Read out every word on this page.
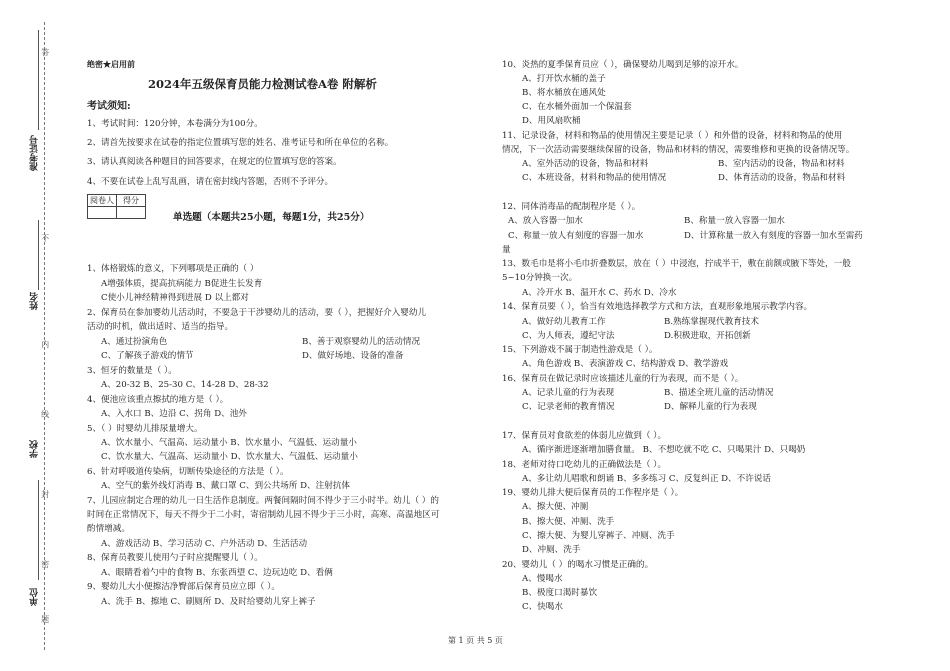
准考证号
姓名
学校
单位
答
不
内
线
封
密
题
绝密★启用前
2024年五级保育员能力检测试卷A卷 附解析
考试须知:
1、考试时间：120分钟，本卷满分为100分。
2、请首先按要求在试卷的指定位置填写您的姓名、准考证号和所在单位的名称。
3、请认真阅读各种题目的回答要求，在规定的位置填写您的答案。
4、不要在试卷上乱写乱画，请在密封线内答题，否则不予评分。
阅卷人	得分

单选题（本题共25小题，每题1分，共25分）
1、体格锻炼的意义，下列哪项是正确的（ ）
A增强体质，提高抗病能力 B促进生长发育
C使小儿神经精神得到进展 D 以上都对
2、保育员在参加婴幼儿活动时，不要急于干涉婴幼儿的活动，要（ ），把握好介入婴幼儿
活动的时机，做出适时、适当的指导。
A、通过扮演角色	B、善于观察婴幼儿的活动情况
C、了解孩子游戏的情节	D、做好场地、设备的准备
3、恒牙的数量是（ ）。
A、20-32 B、25-30 C、14-28 D、28-32
4、便池应该重点擦拭的地方是（ ）。
A、入水口 B、边沿 C、拐角 D、池外
5、（ ）时婴幼儿排尿量增大。
A、饮水量小、气温高、运动量小 B、饮水量小、气温低、运动量小
C、饮水量大、气温高、运动量小 D、饮水量大、气温低、运动量小
6、针对呼吸道传染病，切断传染途径的方法是（ ）。
A、空气的紫外线灯消毒 B、戴口罩 C、到公共场所 D、注射抗体
7、儿园应制定合理的幼儿一日生活作息制度。两餐间隔时间不得少于三小时半。幼儿（ ）的
时间在正常情况下，每天不得少于二小时，寄宿制幼儿园不得少于三小时，高寒、高温地区可
酌情增减。
A、游戏活动 B、学习活动 C、户外活动 D、生活活动
8、保育员教要儿使用勺子时应提醒婴儿（ ）。
A、眼睛看着勺中的食物 B、东张西望 C、边玩边吃 D、看俩
9、婴幼儿大小便擦洁净臀部后保育员应立即（ ）。
A、洗手 B、擦地 C、刷厕所 D、及时给婴幼儿穿上裤子
10、炎热的夏季保育员应（ ），确保婴幼儿喝到足够的凉开水。
A、打开饮水桶的盖子
B、将水桶放在通风处
C、在水桶外面加一个保温套
D、用风扇吹桶
11、记录设备，材料和物品的使用情况主要是记录（ ）和外借的设备，材料和物品的使用
情况，下一次活动需要继续保留的设备，物品和材料的情况，需要维修和更换的设备情况等。
A、室外活动的设备，物品和材料	B、室内活动的设备，物品和材料
C、本班设备，材料和物品的使用情况	D、体育活动的设备，物品和材料
12、同体消毒品的配制程序是（ ）。
A、放入容器一加水	B、称量一放入容器一加水
C、称量一放人有刻度的容器一加水	D、计算称量一放入有刻度的容器一加水至需药
量
13、数毛巾是将小毛巾折叠数层，放在（ ）中浸泡，拧成半干，敷在前额或腋下等处，一般
5~10分钟换一次。
A、冷开水 B、温开水 C、药水 D、冷水
14、保育员要（ ），恰当有效地选择教学方式和方法，直观形象地展示教学内容。
A、做好幼儿教育工作	B.熟练掌握现代教育技术
C、为人师表，遵纪守法	D.积极进取，开拓创新
15、下列游戏不属于制造性游戏是（ ）。
A、角色游戏 B、表演游戏 C、结构游戏 D、教学游戏
16、保育员在做记录时应该描述儿童的行为表现，而不是（ ）。
A、记录儿童的行为表现	B、描述全班儿童的活动情况
C、记录老师的教育情况	D、解释儿童的行为表现
17、保育员对食欲差的体弱儿应做到（ ）。
A、循序渐进逐渐增加膳食量。 B、不想吃就不吃 C、只喝果汁 D、只喝奶
18、老师对待口吃幼儿的正确做法是（ ）。
A、多让幼儿唱歌和朗诵 B、多多练习 C、反复纠正 D、不许说话
19、婴幼儿排大便后保育员的工作程序是（ ）。
A、擦大便、冲厕
B、擦大便、冲厕、洗手
C、擦大便、为婴儿穿裤子、冲厕、洗手
D、冲厕、洗手
20、婴幼儿（ ）的喝水习惯是正确的。
A、慢喝水
B、极度口渴时暴饮
C、快喝水
第 1 页 共 5 页
